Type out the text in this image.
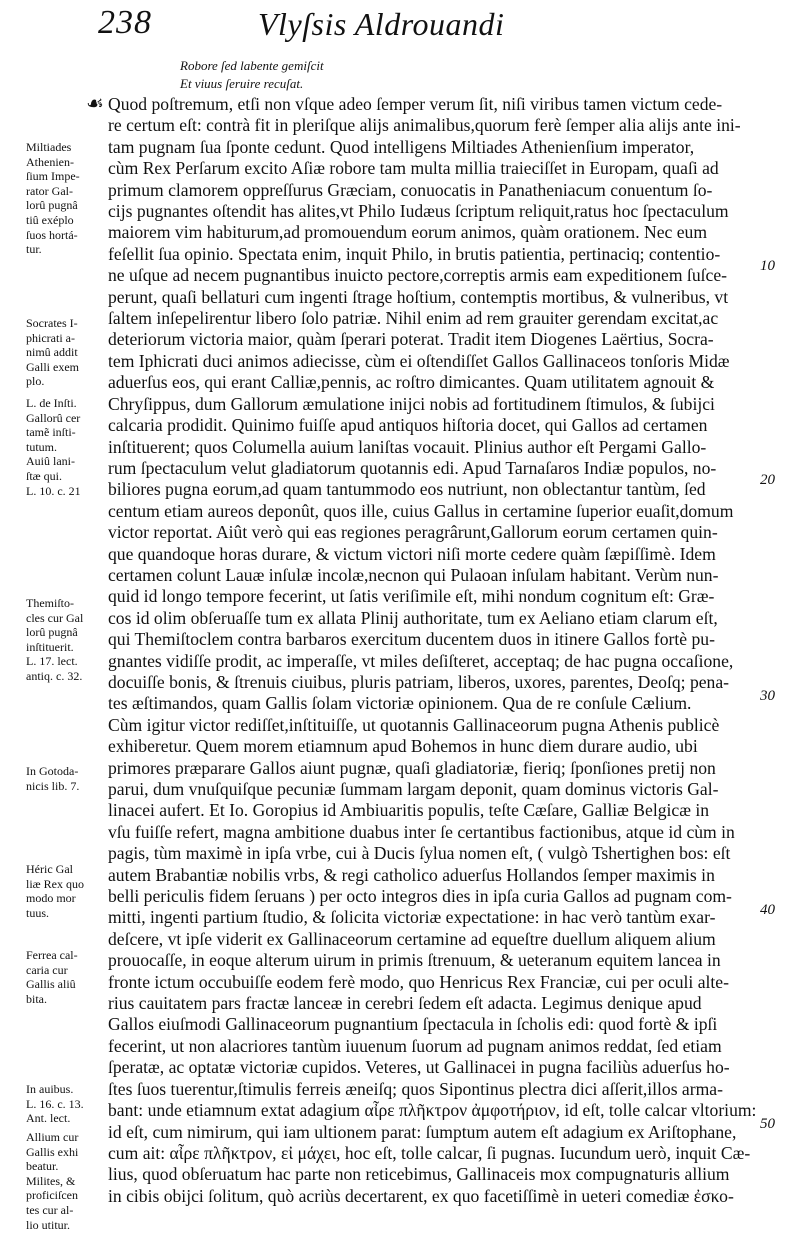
238	Vlyſsis Aldrouandi
Robore ſed labente gemiſcit
Et viuus ſeruire recuſat.

☙ Quod poſtremum, etſi non vſque adeo ſemper verum ſit, niſi viribus tamen victum cede-

re certum eſt: contrà fit in pleriſque alijs animalibus,quorum ferè ſemper alia alijs ante ini-

tam pugnam ſua ſponte cedunt. Quod intelligens Miltiades Athenienſium imperator,

cùm Rex Perſarum excito Aſiæ robore tam multa millia traieciſſet in Europam, quaſi ad

primum clamorem oppreſſurus Græciam, conuocatis in Panatheniacum conuentum ſo-

cijs pugnantes oſtendit has alites,vt Philo Iudæus ſcriptum reliquit,ratus hoc ſpectaculum

maiorem vim habiturum,ad promouendum eorum animos, quàm orationem. Nec eum

feſellit ſua opinio. Spectata enim, inquit Philo, in brutis patientia, pertinaciq; contentio-

ne uſque ad necem pugnantibus inuicto pectore,correptis armis eam expeditionem ſuſce-

perunt, quaſi bellaturi cum ingenti ſtrage hoſtium, contemptis mortibus, & vulneribus, vt

ſaltem inſepelirentur libero ſolo patriæ. Nihil enim ad rem grauiter gerendam excitat,ac

deteriorum victoria maior, quàm ſperari poterat. Tradit item Diogenes Laërtius, Socra-

tem Iphicrati duci animos adiecisse, cùm ei oſtendiſſet Gallos Gallinaceos tonſoris Midæ

aduerſus eos, qui erant Calliæ,pennis, ac roſtro dimicantes. Quam utilitatem agnouit &

Chryſippus, dum Gallorum æmulatione inijci nobis ad fortitudinem ſtimulos, & ſubijci

calcaria prodidit. Quinimo fuiſſe apud antiquos hiſtoria docet, qui Gallos ad certamen

inſtituerent; quos Columella auium laniſtas vocauit. Plinius author eſt Pergami Gallo-

rum ſpectaculum velut gladiatorum quotannis edi. Apud Tarnaſaros Indiæ populos, no-

biliores pugna eorum,ad quam tantummodo eos nutriunt, non oblectantur tantùm, ſed

centum etiam aureos deponût, quos ille, cuius Gallus in certamine ſuperior euaſit,domum

victor reportat. Aiût verò qui eas regiones peragrârunt,Gallorum eorum certamen quin-

que quandoque horas durare, & victum victori niſi morte cedere quàm ſæpiſſimè. Idem

certamen colunt Lauæ inſulæ incolæ,necnon qui Pulaoan inſulam habitant. Verùm nun-

quid id longo tempore fecerint, ut ſatis veriſimile eſt, mihi nondum cognitum eſt: Græ-

cos id olim obſeruaſſe tum ex allata Plinij authoritate, tum ex Aeliano etiam clarum eſt,

qui Themiſtoclem contra barbaros exercitum ducentem duos in itinere Gallos fortè pu-

gnantes vidiſſe prodit, ac imperaſſe, vt miles deſiſteret, acceptaq; de hac pugna occaſione,

docuiſſe bonis, & ſtrenuis ciuibus, pluris patriam, liberos, uxores, parentes, Deoſq; pena-

tes æſtimandos, quam Gallis ſolam victoriæ opinionem. Qua de re conſule Cælium.

Cùm igitur victor rediſſet,inſtituiſſe, ut quotannis Gallinaceorum pugna Athenis publicè

exhiberetur. Quem morem etiamnum apud Bohemos in hunc diem durare audio, ubi

primores præparare Gallos aiunt pugnæ, quaſi gladiatoriæ, fieriq; ſponſiones pretij non

parui, dum vnuſquiſque pecuniæ ſummam largam deponit, quam dominus victoris Gal-

linacei aufert. Et Io. Goropius id Ambiuaritis populis, teſte Cæſare, Galliæ Belgicæ in

vſu fuiſſe refert, magna ambitione duabus inter ſe certantibus factionibus, atque id cùm in

pagis, tùm maximè in ipſa vrbe, cui à Ducis ſylua nomen eſt, ( vulgò Tshertighen bos: eſt

autem Brabantiæ nobilis vrbs, & regi catholico aduerſus Hollandos ſemper maximis in

belli periculis fidem ſeruans ) per octo integros dies in ipſa curia Gallos ad pugnam com-

mitti, ingenti partium ſtudio, & ſolicita victoriæ expectatione: in hac verò tantùm exar-

deſcere, vt ipſe viderit ex Gallinaceorum certamine ad equeſtre duellum aliquem alium

prouocaſſe, in eoque alterum uirum in primis ſtrenuum, & ueteranum equitem lancea in

fronte ictum occubuiſſe eodem ferè modo, quo Henricus Rex Franciæ, cui per oculi alte-

rius cauitatem pars fractæ lanceæ in cerebri ſedem eſt adacta. Legimus denique apud

Gallos eiuſmodi Gallinaceorum pugnantium ſpectacula in ſcholis edi: quod fortè & ipſi

fecerint, ut non alacriores tantùm iuuenum ſuorum ad pugnam animos reddat, ſed etiam

ſperatæ, ac optatæ victoriæ cupidos. Veteres, ut Gallinacei in pugna faciliùs aduerſus ho-

ſtes ſuos tuerentur,ſtimulis ferreis æneiſq; quos Sipontinus plectra dici aſſerit,illos arma-

bant: unde etiamnum extat adagium αἶρε πλῆκτρον ἀμφοτήριον, id eſt, tolle calcar vltorium:

id eſt, cum nimirum, qui iam ultionem parat: ſumptum autem eſt adagium ex Ariſtophane,

cum ait: αἶρε πλῆκτρον, εἰ μάχει, hoc eſt, tolle calcar, ſi pugnas. Iucundum uerò, inquit Cæ-

lius, quod obſeruatum hac parte non reticebimus, Gallinaceis mox compugnaturis allium

in cibis obijci ſolitum, quò acriùs decertarent, ex quo facetiſſimè in ueteri comediæ ἐσκο-

Miltiades
Athenien-
ſium Impe-
rator Gal-
lorû pugnâ
tiû exéplo
ſuos hortá-
tur.
Socrates I-
phicrati a-
nimû addit
Galli exem
plo.
L. de Inſti.
Gallorû cer
tamẽ inſti-
tutum.
Auiû lani-
ſtæ qui.
L. 10. c. 21
Themiſto-
cles cur Gal
lorû pugnâ
inſtituerit.
L. 17. lect.
antiq. c. 32.
In Gotoda-
nicis lib. 7.
Héric Gal
liæ Rex quo
modo mor
tuus.
Ferrea cal-
caria cur
Gallis aliû
bita.
In auibus.
L. 16. c. 13.
Ant. lect.
Allium cur
Gallis exhi
beatur.
Milites, &
proficiſcen
tes cur al-
lio utitur.
10
20
30
40
50
